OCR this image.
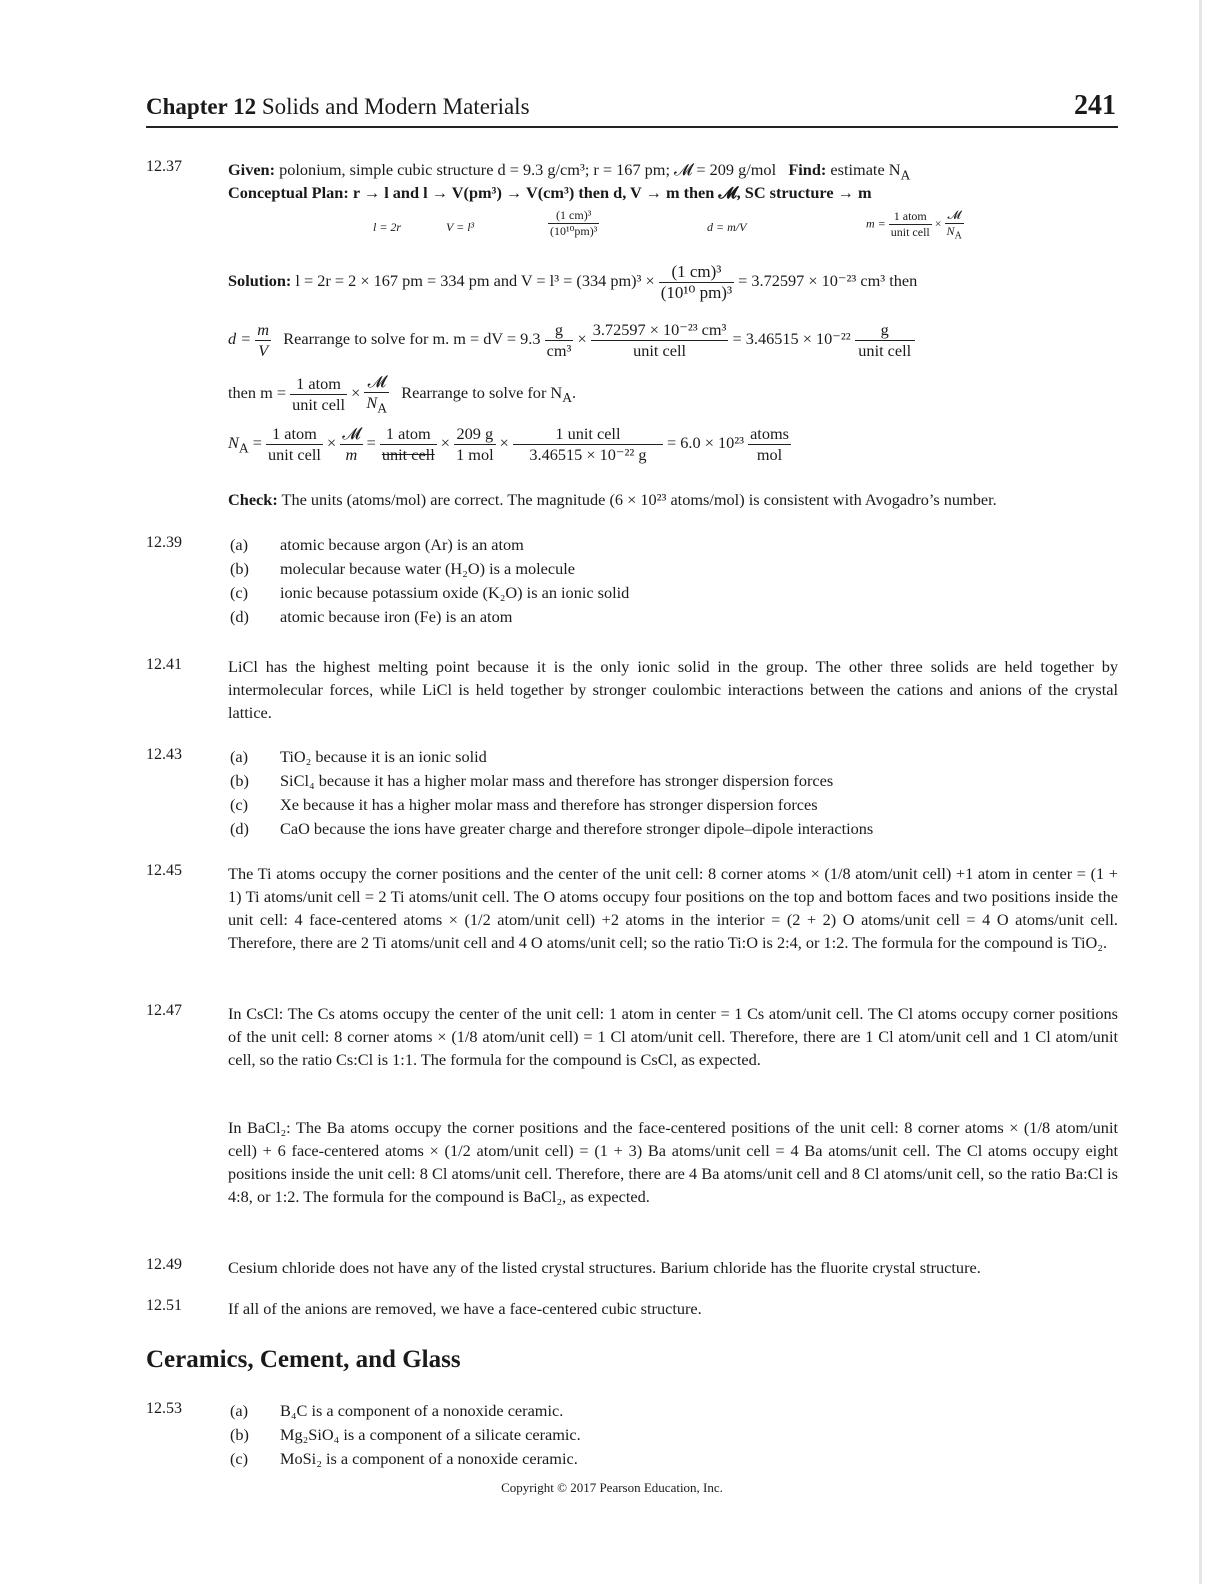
Chapter 12 Solids and Modern Materials	241
12.37	Given: polonium, simple cubic structure d = 9.3 g/cm³; r = 167 pm; 𝓜 = 209 g/mol Find: estimate $N_A$
Conceptual Plan: r → l and l → V(pm³) → V(cm³) then d, V → m then 𝓜, SC structure → m
l = 2r	V = l³	$\frac{\text{(1 cm)³}}{\text{(10¹⁰pm)³}}$	d = m/V	$m = \frac{\text{1 atom}}{\text{unit cell}} \times \frac{\text{𝓜}}{N_A}$
Solution: l = 2r = 2 × 167 pm = 334 pm and V = l³ = (334 $pm)^3 \times \frac{\text{(1 cm)³}}{\text{(10¹⁰ pm)³}} = 3.72597 \times 10^{-23}$ cm³ then
$d = \frac{m}{V}$ Rearrange to solve for m. m = dV = $9.3 \frac{g}{\text{cm³}} \times \frac{\text{3.72597 × 10⁻²³ cm³}}{\text{unit cell}} = 3.46515 \times 10^{-22} \frac{g}{\text{unit cell}}$
then $m = \frac{\text{1 atom}}{\text{unit cell}} \times \frac{\text{𝓜}}{N_A}$ Rearrange to solve for $N_A$.
$N_A = \frac{\text{1 atom}}{\text{unit cell}} \times \frac{\text{𝓜}}{m} = \frac{\text{1 atom}}{\text{unit cell}} \times \frac{209 g}{\text{1 mol}} \times \frac{\text{1 unit cell}}{\text{3.46515 × 10⁻²² g}} = 6.0 \times 10^{23} \frac{\text{atoms}}{\text{mol}}$
Check: The units (atoms/mol) are correct. The magnitude (6 × 10²³ atoms/mol) is consistent with Avogadro’s number.
12.39	(a) atomic because argon (Ar) is an atom
(b) molecular because water (H₂O) is a molecule
(c) ionic because potassium oxide (K₂O) is an ionic solid
(d) atomic because iron (Fe) is an atom
12.41	LiCl has the highest melting point because it is the only ionic solid in the group. The other three solids are held together by intermolecular forces, while LiCl is held together by stronger coulombic interactions between the cations and anions of the crystal lattice.
12.43	(a) TiO₂ because it is an ionic solid
(b) SiCl₄ because it has a higher molar mass and therefore has stronger dispersion forces
(c) Xe because it has a higher molar mass and therefore has stronger dispersion forces
(d) CaO because the ions have greater charge and therefore stronger dipole–dipole interactions
12.45	The Ti atoms occupy the corner positions and the center of the unit cell: 8 corner atoms × (1/8 atom/unit cell) +1 atom in center = (1 + 1) Ti atoms/unit cell = 2 Ti atoms/unit cell. The O atoms occupy four positions on the top and bottom faces and two positions inside the unit cell: 4 face-centered atoms × (1/2 atom/unit cell) +2 atoms in the interior = (2 + 2) O atoms/unit cell = 4 O atoms/unit cell. Therefore, there are 2 Ti atoms/unit cell and 4 O atoms/unit cell; so the ratio Ti:O is 2:4, or 1:2. The formula for the compound is TiO₂.
12.47	In CsCl: The Cs atoms occupy the center of the unit cell: 1 atom in center = 1 Cs atom/unit cell. The Cl atoms occupy corner positions of the unit cell: 8 corner atoms × (1/8 atom/unit cell) = 1 Cl atom/unit cell. Therefore, there are 1 Cl atom/unit cell and 1 Cl atom/unit cell, so the ratio Cs:Cl is 1:1. The formula for the compound is CsCl, as expected.
In BaCl₂: The Ba atoms occupy the corner positions and the face-centered positions of the unit cell: 8 corner atoms × (1/8 atom/unit cell) + 6 face-centered atoms × (1/2 atom/unit cell) = (1 + 3) Ba atoms/unit cell = 4 Ba atoms/unit cell. The Cl atoms occupy eight positions inside the unit cell: 8 Cl atoms/unit cell. Therefore, there are 4 Ba atoms/unit cell and 8 Cl atoms/unit cell, so the ratio Ba:Cl is 4:8, or 1:2. The formula for the compound is BaCl₂, as expected.
12.49	Cesium chloride does not have any of the listed crystal structures. Barium chloride has the fluorite crystal structure.
12.51	If all of the anions are removed, we have a face-centered cubic structure.
Ceramics, Cement, and Glass
12.53	(a) B₄C is a component of a nonoxide ceramic.
(b) Mg₂SiO₄ is a component of a silicate ceramic.
(c) MoSi₂ is a component of a nonoxide ceramic.
Copyright © 2017 Pearson Education, Inc.
